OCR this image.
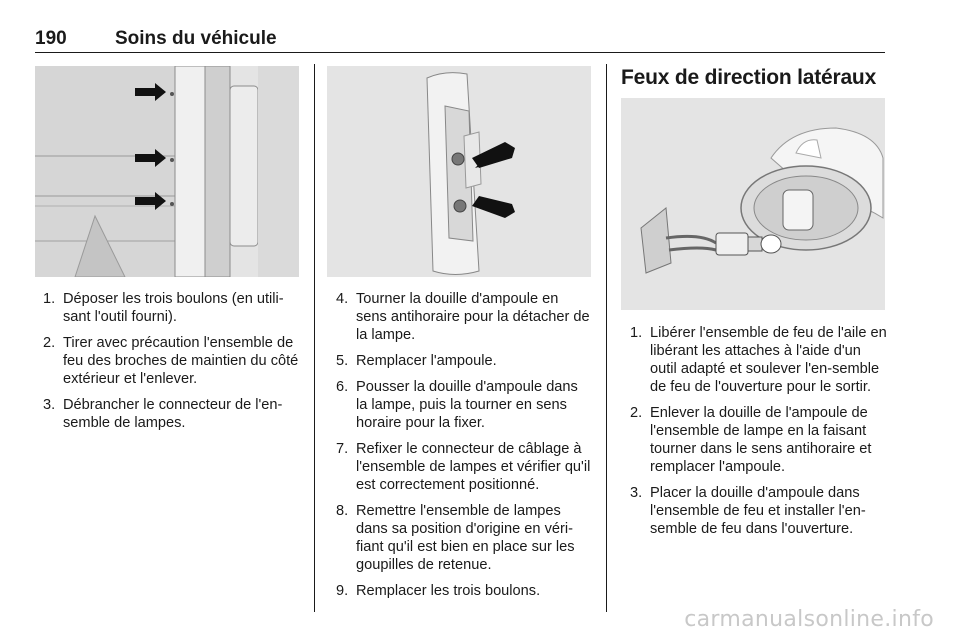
190	Soins du véhicule
1. Déposer les trois boulons (en utili-sant l'outil fourni).
2. Tirer avec précaution l'ensemble de feu des broches de maintien du côté extérieur et l'enlever.
3. Débrancher le connecteur de l'en-semble de lampes.
4. Tourner la douille d'ampoule en sens antihoraire pour la détacher de la lampe.
5. Remplacer l'ampoule.
6. Pousser la douille d'ampoule dans la lampe, puis la tourner en sens horaire pour la fixer.
7. Refixer le connecteur de câblage à l'ensemble de lampes et vérifier qu'il est correctement positionné.
8. Remettre l'ensemble de lampes dans sa position d'origine en véri-fiant qu'il est bien en place sur les goupilles de retenue.
9. Remplacer les trois boulons.
Feux de direction latéraux
1. Libérer l'ensemble de feu de l'aile en libérant les attaches à l'aide d'un outil adapté et soulever l'en-semble de feu de l'ouverture pour le sortir.
2. Enlever la douille de l'ampoule de l'ensemble de lampe en la faisant tourner dans le sens antihoraire et remplacer l'ampoule.
3. Placer la douille d'ampoule dans l'ensemble de feu et installer l'en-semble de feu dans l'ouverture.
carmanualsonline.info
